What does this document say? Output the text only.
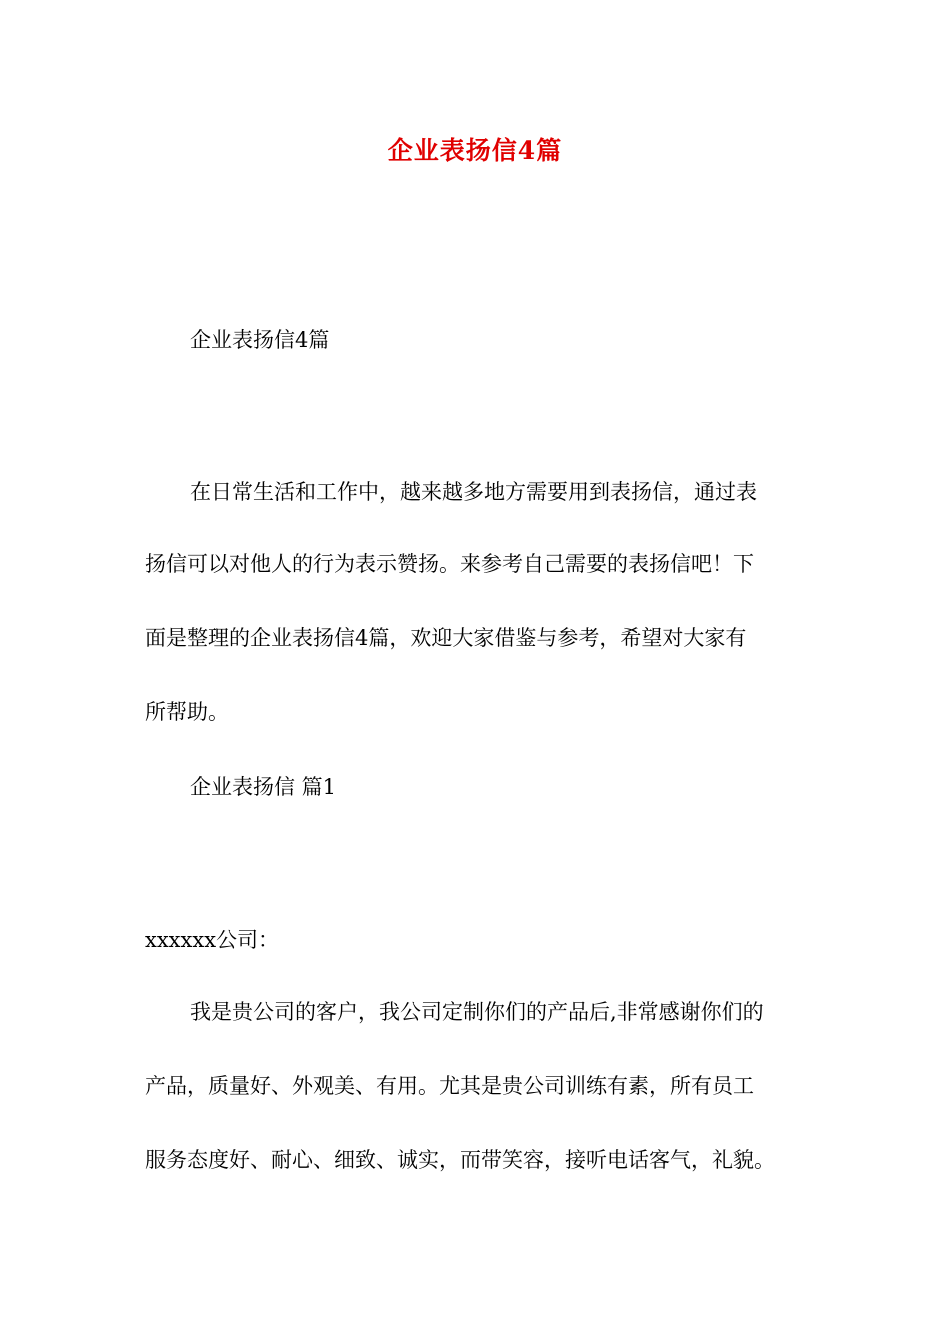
企业表扬信4篇
企业表扬信4篇
在日常生活和工作中，越来越多地方需要用到表扬信，通过表
扬信可以对他人的行为表示赞扬。来参考自己需要的表扬信吧！下
面是整理的企业表扬信4篇，欢迎大家借鉴与参考，希望对大家有
所帮助。
企业表扬信 篇1
xxxxxx公司：
我是贵公司的客户，我公司定制你们的产品后,非常感谢你们的
产品，质量好、外观美、有用。尤其是贵公司训练有素，所有员工
服务态度好、耐心、细致、诚实，而带笑容，接听电话客气，礼貌。
